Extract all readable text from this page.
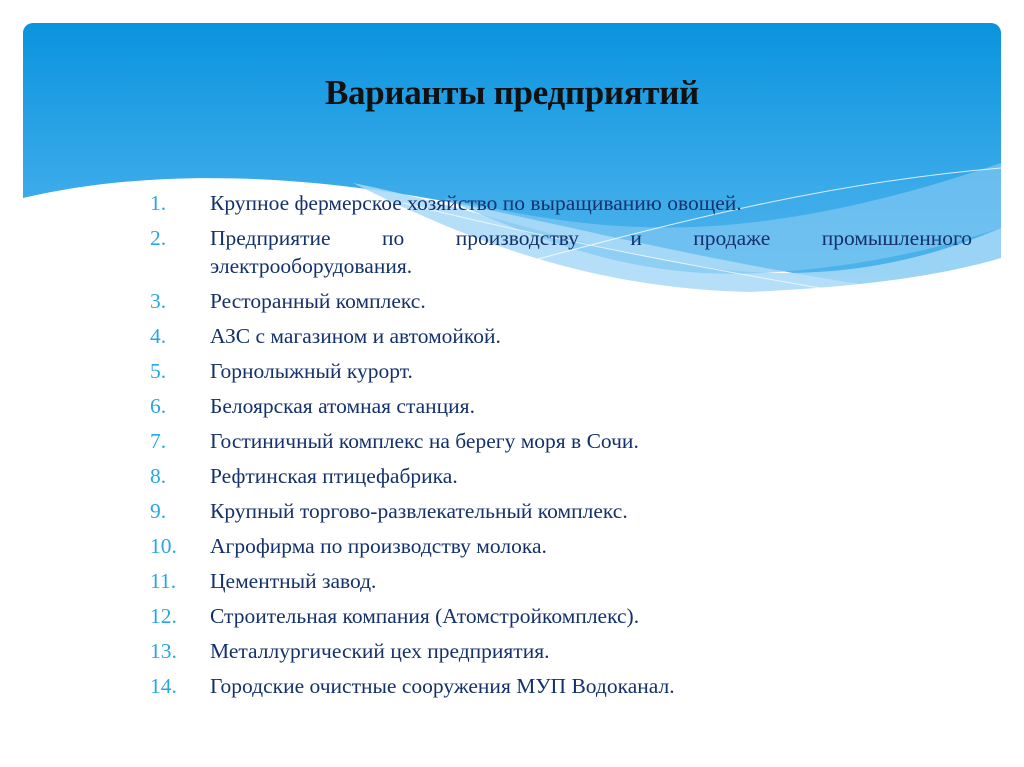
Варианты предприятий
1.	Крупное фермерское хозяйство по выращиванию овощей.
2.	Предприятие по производству и продаже промышленного
электрооборудования.
3.	Ресторанный комплекс.
4.	АЗС с магазином и автомойкой.
5.	Горнолыжный курорт.
6.	Белоярская атомная станция.
7.	Гостиничный комплекс на берегу моря в Сочи.
8.	Рефтинская птицефабрика.
9.	Крупный торгово-развлекательный комплекс.
10.	Агрофирма по производству молока.
11.	Цементный завод.
12.	Строительная компания (Атомстройкомплекс).
13.	Металлургический цех предприятия.
14.	Городские очистные сооружения МУП Водоканал.
